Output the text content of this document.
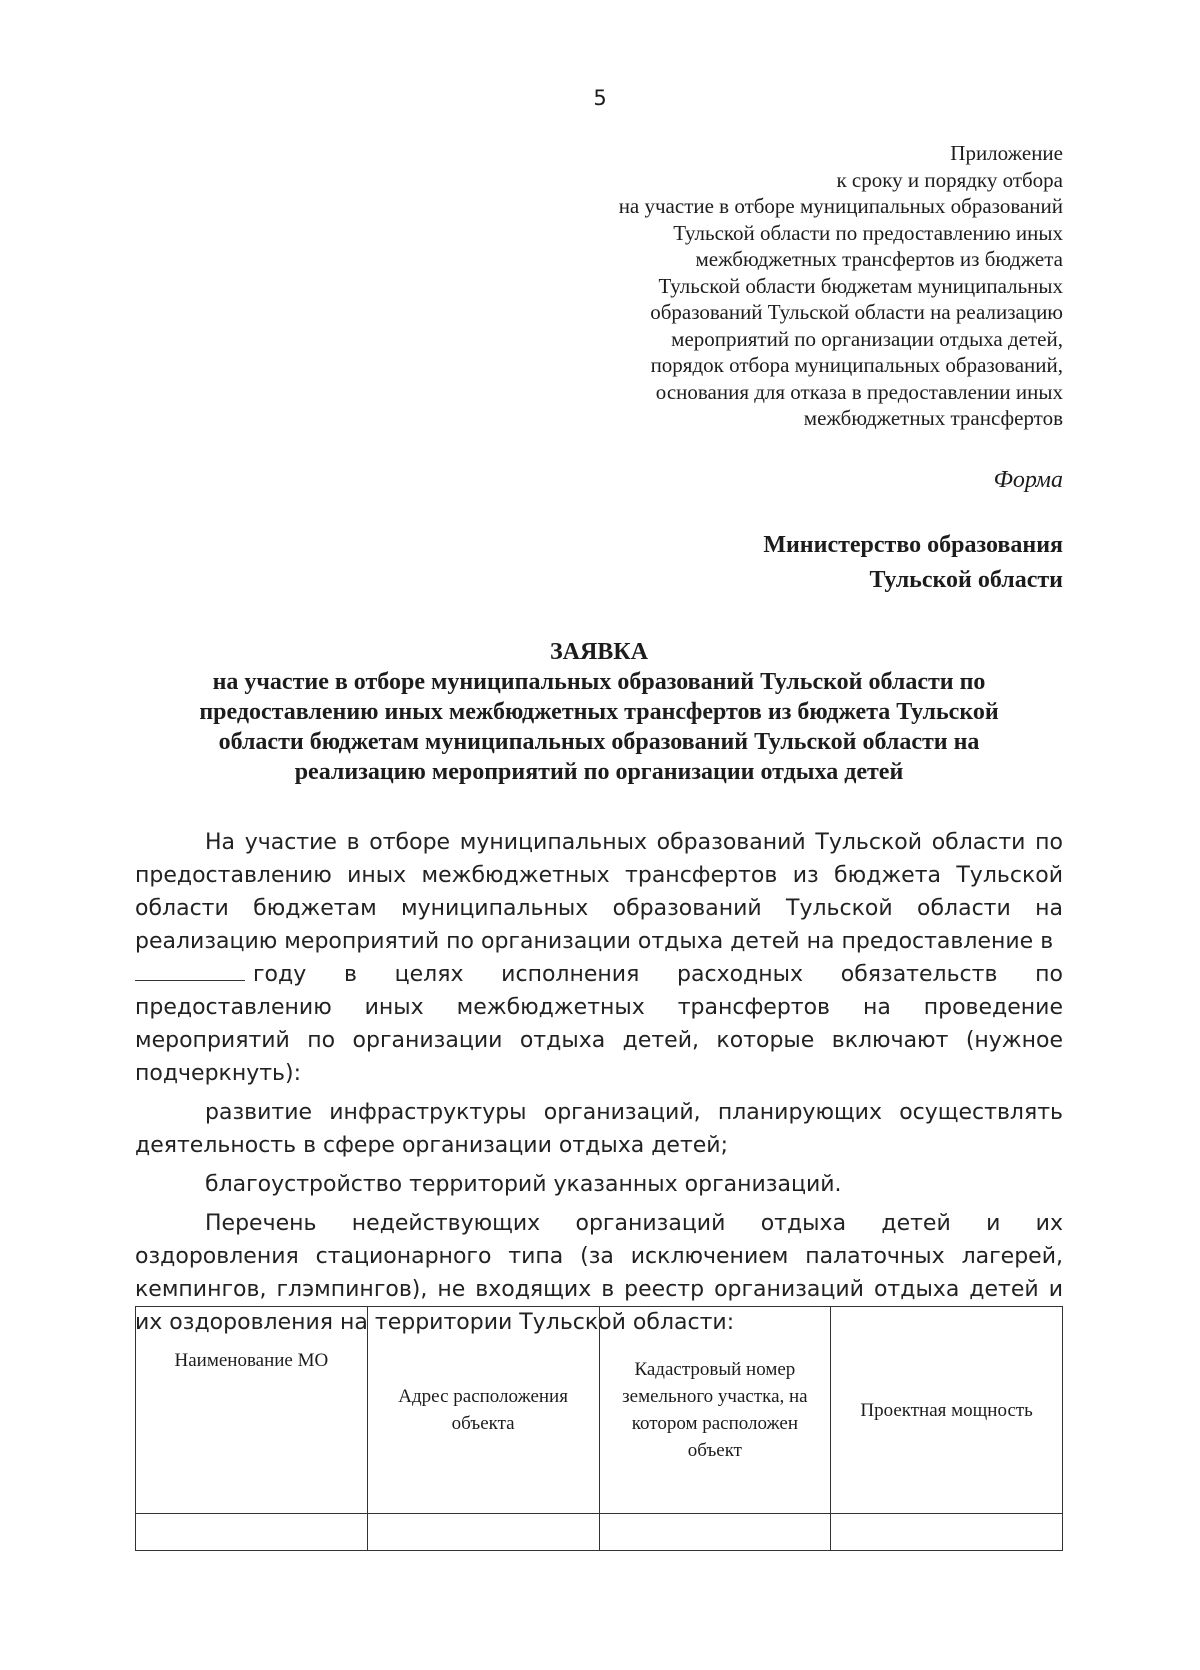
5
Приложение
к сроку и порядку отбора
на участие в отборе муниципальных образований
Тульской области по предоставлению иных
межбюджетных трансфертов из бюджета
Тульской области бюджетам муниципальных
образований Тульской области на реализацию
мероприятий по организации отдыха детей,
порядок отбора муниципальных образований,
основания для отказа в предоставлении иных
межбюджетных трансфертов
Форма
Министерство образования
Тульской области
ЗАЯВКА
на участие в отборе муниципальных образований Тульской области по
предоставлению иных межбюджетных трансфертов из бюджета Тульской
области бюджетам муниципальных образований Тульской области на
реализацию мероприятий по организации отдыха детей

На участие в отборе муниципальных образований Тульской области по предоставлению иных межбюджетных трансфертов из бюджета Тульской области бюджетам муниципальных образований Тульской области на реализацию мероприятий по организации отдыха детей на предоставление в
году в целях исполнения расходных обязательств по предоставлению иных межбюджетных трансфертов на проведение мероприятий по организации отдыха детей, которые включают (нужное подчеркнуть):

развитие инфраструктуры организаций, планирующих осуществлять деятельность в сфере организации отдыха детей;

благоустройство территорий указанных организаций.

Перечень недействующих организаций отдыха детей и их оздоровления стационарного типа (за исключением палаточных лагерей, кемпингов, глэмпингов), не входящих в реестр организаций отдыха детей и их оздоровления на территории Тульской области:

Наименование МО	Адрес расположения объекта	Кадастровый номер земельного участка, на котором расположен объект	Проектная мощность
